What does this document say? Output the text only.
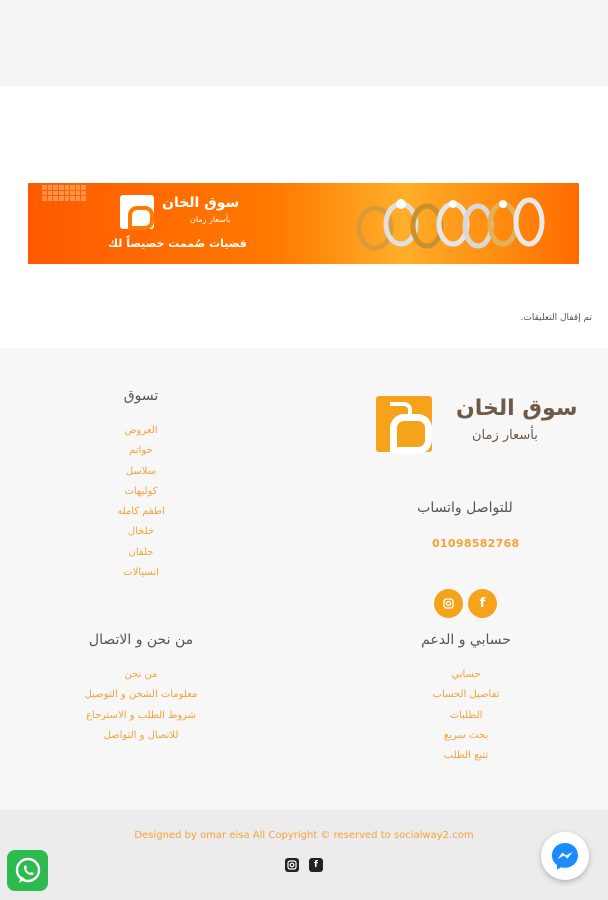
سوق الخان
بأسعار زمان
فضيات صُممت خصيصاً لك

تم إقفال التعليقات.

سوق الخان
بأسعار زمان
للتواصل واتساب
01098582768
f
تسوق
العروض
خواتم
سلاسل
كوليهات
اطقم كامله
خلخال
حلقان
انسيالات
حسابي و الدعم
حسابي
تفاصيل الحساب
الطلبات
بحث سريع
تتبع الطلب
من نحن و الاتصال
من نحن
معلومات الشحن و التوصيل
شروط الطلب و الاسترجاع
للاتصال و التواصل

Designed by omar eisa All Copyright © reserved to socialway2.com

f
